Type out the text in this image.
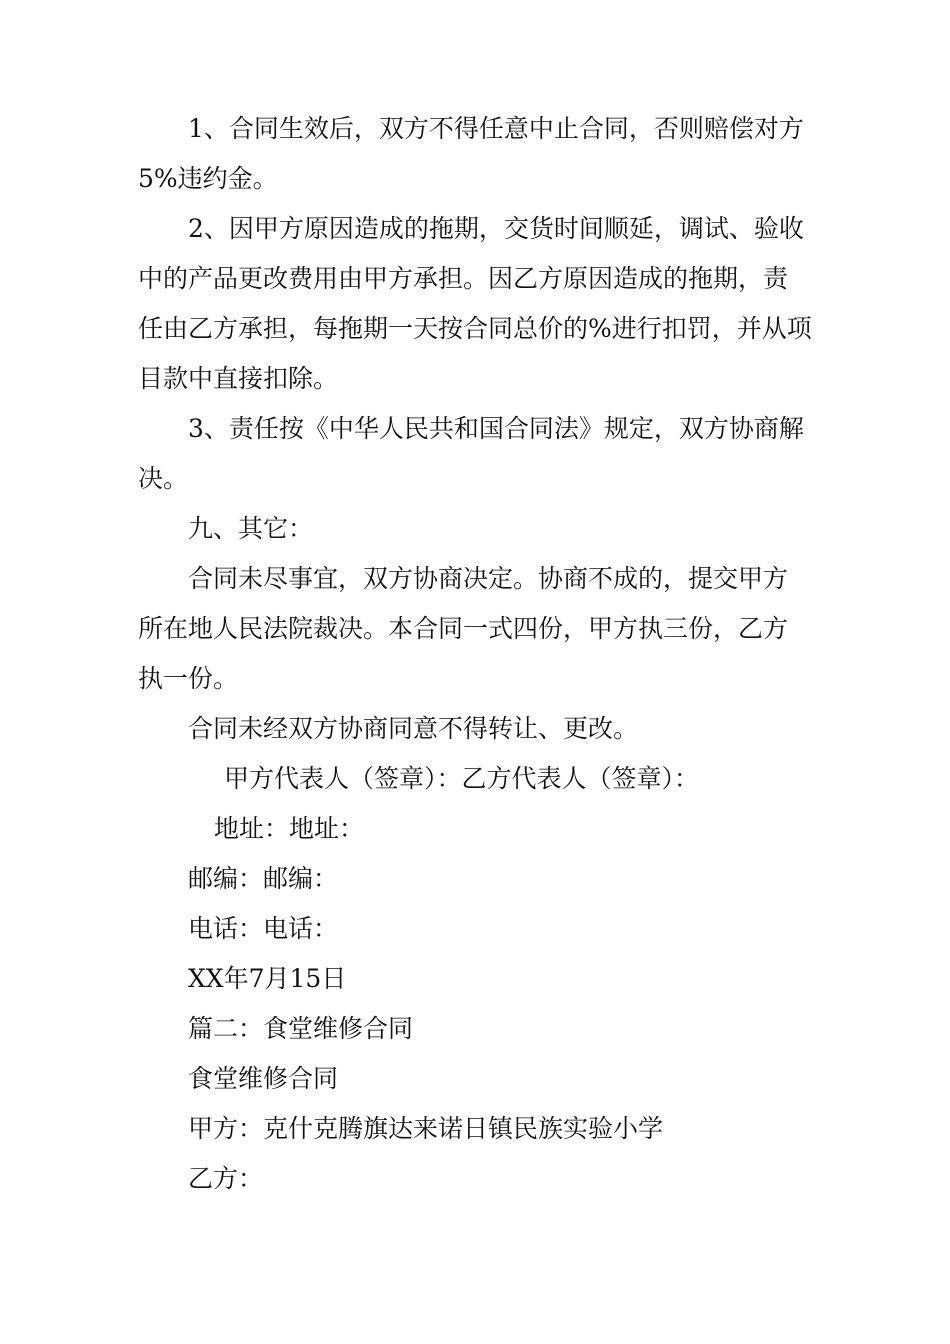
1、合同生效后，双方不得任意中止合同，否则赔偿对方

5%违约金。

2、因甲方原因造成的拖期，交货时间顺延，调试、验收

中的产品更改费用由甲方承担。因乙方原因造成的拖期，责

任由乙方承担，每拖期一天按合同总价的%进行扣罚，并从项

目款中直接扣除。

3、责任按《中华人民共和国合同法》规定，双方协商解

决。

九、其它：

合同未尽事宜，双方协商决定。协商不成的，提交甲方

所在地人民法院裁决。本合同一式四份，甲方执三份，乙方

执一份。

合同未经双方协商同意不得转让、更改。

甲方代表人（签章）：乙方代表人（签章）：

地址：地址：

邮编：邮编：

电话：电话：

XX年7月15日

篇二：食堂维修合同

食堂维修合同

甲方：克什克腾旗达来诺日镇民族实验小学

乙方：
